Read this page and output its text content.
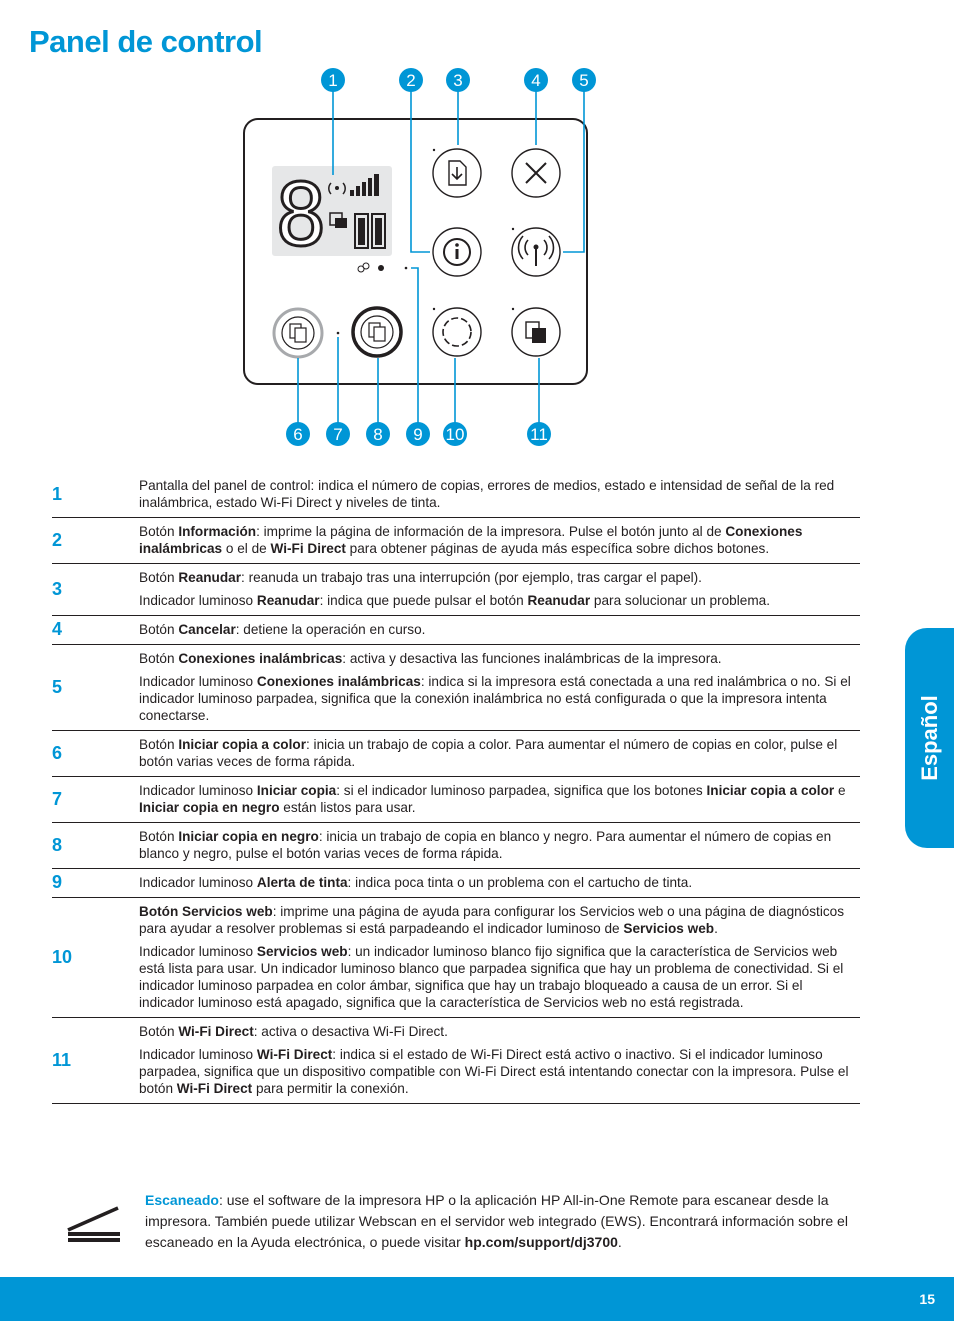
Panel de control
8
1	2 3	4 5
6 7 8 9 10	11
Español
1	Pantalla del panel de control: indica el número de copias, errores de medios, estado e intensidad de señal de la red inalámbrica, estado Wi-Fi Direct y niveles de tinta.

2	Botón Información: imprime la página de información de la impresora. Pulse el botón junto al de Conexiones inalámbricas o el de Wi-Fi Direct para obtener páginas de ayuda más específica sobre dichos botones.

3	Botón Reanudar: reanuda un trabajo tras una interrupción (por ejemplo, tras cargar el papel).

Indicador luminoso Reanudar: indica que puede pulsar el botón Reanudar para solucionar un problema.

4	Botón Cancelar: detiene la operación en curso.

5	Botón Conexiones inalámbricas: activa y desactiva las funciones inalámbricas de la impresora.

Indicador luminoso Conexiones inalámbricas: indica si la impresora está conectada a una red inalámbrica o no. Si el indicador luminoso parpadea, significa que la conexión inalámbrica no está configurada o que la impresora intenta conectarse.

6	Botón Iniciar copia a color: inicia un trabajo de copia a color. Para aumentar el número de copias en color, pulse el botón varias veces de forma rápida.

7	Indicador luminoso Iniciar copia: si el indicador luminoso parpadea, significa que los botones Iniciar copia a color e Iniciar copia en negro están listos para usar.

8	Botón Iniciar copia en negro: inicia un trabajo de copia en blanco y negro. Para aumentar el número de copias en blanco y negro, pulse el botón varias veces de forma rápida.

9	Indicador luminoso Alerta de tinta: indica poca tinta o un problema con el cartucho de tinta.

10	Botón Servicios web: imprime una página de ayuda para configurar los Servicios web o una página de diagnósticos para ayudar a resolver problemas si está parpadeando el indicador luminoso de Servicios web.

Indicador luminoso Servicios web: un indicador luminoso blanco fijo significa que la característica de Servicios web está lista para usar. Un indicador luminoso blanco que parpadea significa que hay un problema de conectividad. Si el indicador luminoso parpadea en color ámbar, significa que hay un trabajo bloqueado a causa de un error. Si el indicador luminoso está apagado, significa que la característica de Servicios web no está registrada.

11	Botón Wi-Fi Direct: activa o desactiva Wi-Fi Direct.

Indicador luminoso Wi-Fi Direct: indica si el estado de Wi-Fi Direct está activo o inactivo. Si el indicador luminoso parpadea, significa que un dispositivo compatible con Wi-Fi Direct está intentando conectar con la impresora. Pulse el botón Wi-Fi Direct para permitir la conexión.

Escaneado: use el software de la impresora HP o la aplicación HP All-in-One Remote para escanear desde la impresora. También puede utilizar Webscan en el servidor web integrado (EWS). Encontrará información sobre el escaneado en la Ayuda electrónica, o puede visitar hp.com/support/dj3700.

15
